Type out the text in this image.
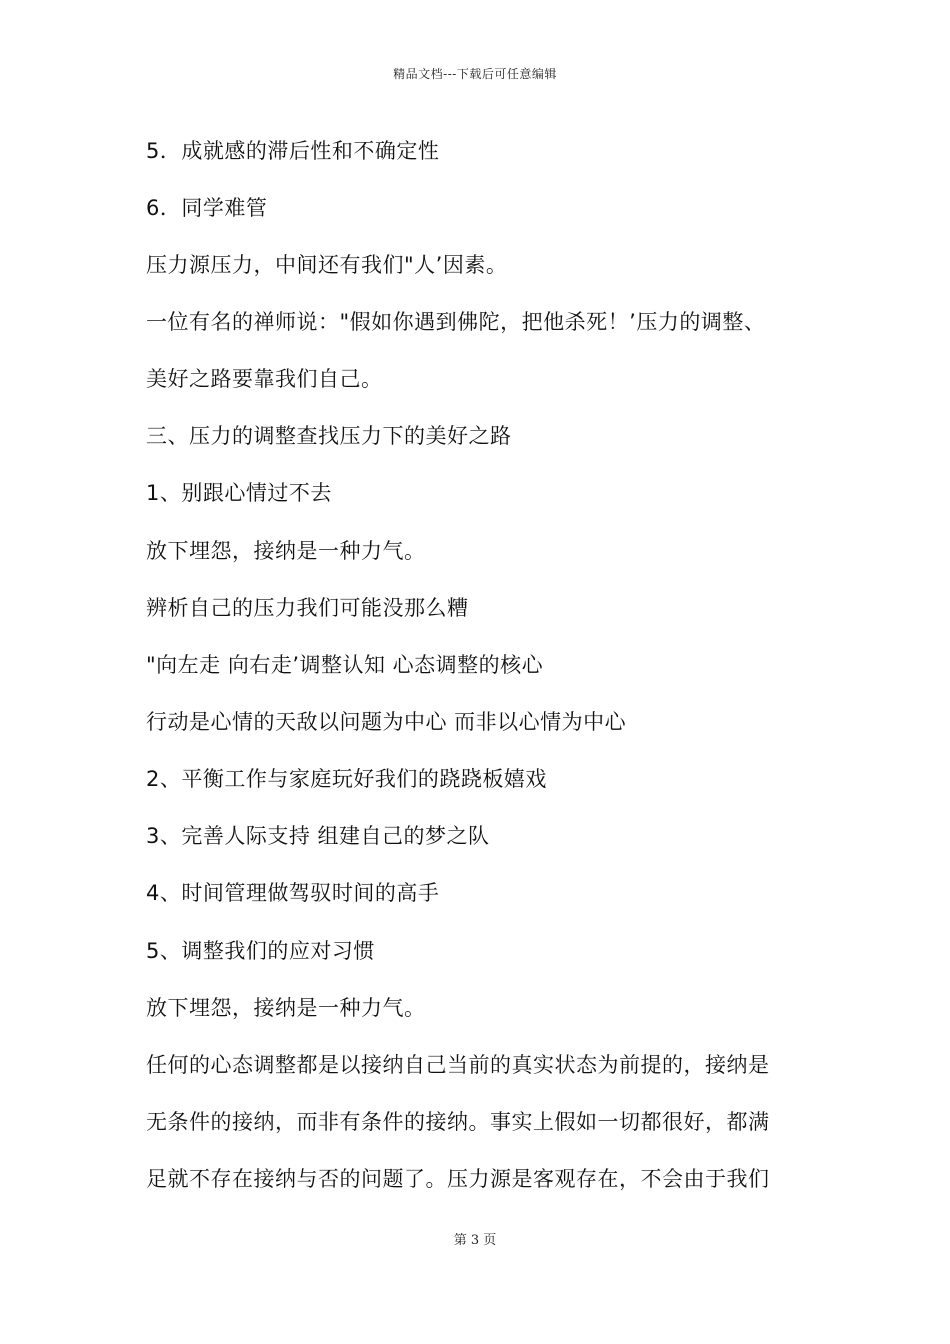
精品文档---下载后可任意编辑
5．成就感的滞后性和不确定性
6．同学难管
压力源压力，中间还有我们"人’因素。
一位有名的禅师说："假如你遇到佛陀，把他杀死！’压力的调整、
美好之路要靠我们自己。
三、压力的调整查找压力下的美好之路
1、别跟心情过不去
放下埋怨，接纳是一种力气。
辨析自己的压力我们可能没那么糟
"向左走 向右走’调整认知 心态调整的核心
行动是心情的天敌以问题为中心 而非以心情为中心
2、平衡工作与家庭玩好我们的跷跷板嬉戏
3、完善人际支持 组建自己的梦之队
4、时间管理做驾驭时间的高手
5、调整我们的应对习惯
放下埋怨，接纳是一种力气。
任何的心态调整都是以接纳自己当前的真实状态为前提的，接纳是
无条件的接纳，而非有条件的接纳。事实上假如一切都很好，都满
足就不存在接纳与否的问题了。压力源是客观存在，不会由于我们
第 3 页
